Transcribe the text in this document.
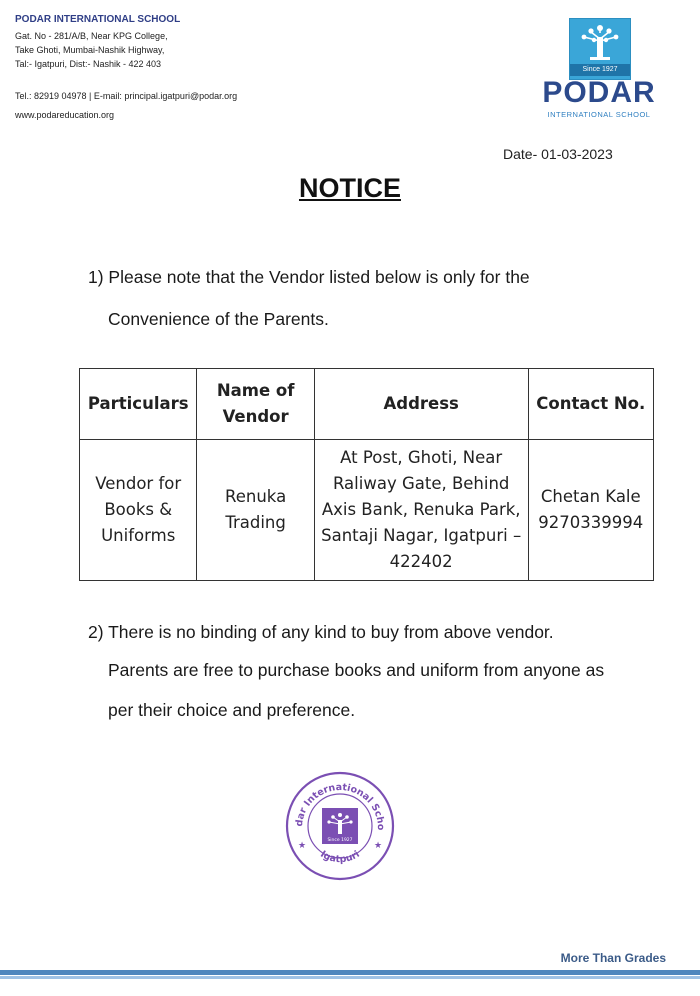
PODAR INTERNATIONAL SCHOOL
Gat. No - 281/A/B, Near KPG College,
Take Ghoti, Mumbai-Nashik Highway,
Tal:- Igatpuri, Dist:- Nashik - 422 403
Tel.: 82919 04978 | E-mail: principal.igatpuri@podar.org
www.podareducation.org
Since 1927
PODAR
INTERNATIONAL SCHOOL
Date- 01-03-2023
NOTICE
1) Please note that the Vendor listed below is only for the
Convenience of the Parents.
Particulars	Name of Vendor	Address	Contact No.
Vendor for Books & Uniforms	Renuka Trading	At Post, Ghoti, Near Raliway Gate, Behind Axis Bank, Renuka Park, Santaji Nagar, Igatpuri – 422402	Chetan Kale 9270339994
2) There is no binding of any kind to buy from above vendor.
Parents are free to purchase books and uniform from anyone as
per their choice and preference.
dar International Scho
Igatpuri
★	★
Since 1927
More Than Grades
